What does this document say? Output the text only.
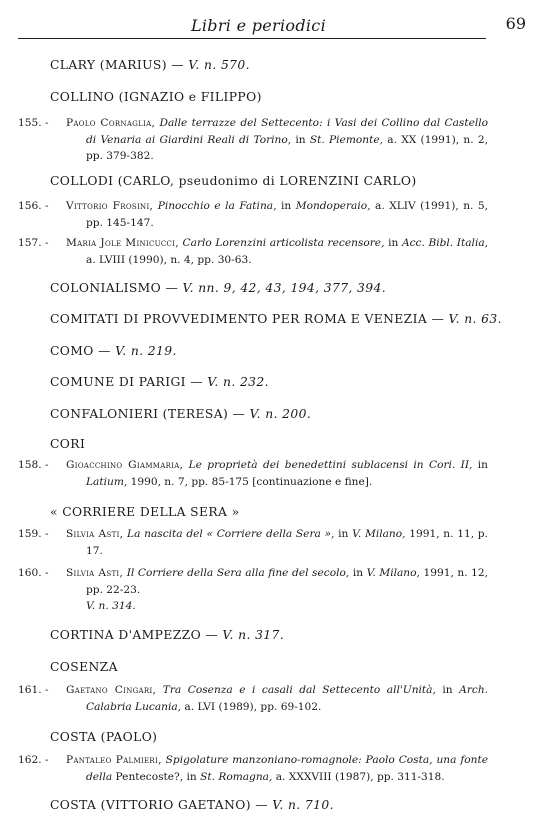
Libri e periodici	69
CLARY (MARIUS) — V. n. 570.
COLLINO (IGNAZIO e FILIPPO)
155. -	Paolo Cornaglia, Dalle terrazze del Settecento: i Vasi dei Collino dal Castello di Venaria ai Giardini Reali di Torino, in St. Piemonte, a. XX (1991), n. 2, pp. 379-382.
COLLODI (CARLO, pseudonimo di LORENZINI CARLO)
156. -	Vittorio Frosini, Pinocchio e la Fatina, in Mondoperaio, a. XLIV (1991), n. 5, pp. 145-147.
157. -	Maria Jole Minicucci, Carlo Lorenzini articolista recensore, in Acc. Bibl. Italia, a. LVIII (1990), n. 4, pp. 30-63.
COLONIALISMO — V. nn. 9, 42, 43, 194, 377, 394.
COMITATI DI PROVVEDIMENTO PER ROMA E VENEZIA — V. n. 63.
COMO — V. n. 219.
COMUNE DI PARIGI — V. n. 232.
CONFALONIERI (TERESA) — V. n. 200.
CORI
158. -	Gioacchino Giammaria, Le proprietà dei benedettini sublacensi in Cori. II, in Latium, 1990, n. 7, pp. 85-175 [continuazione e fine].
« CORRIERE DELLA SERA »
159. -	Silvia Asti, La nascita del « Corriere della Sera », in V. Milano, 1991, n. 11, p. 17.
160. -	Silvia Asti, Il Corriere della Sera alla fine del secolo, in V. Milano, 1991, n. 12, pp. 22-23.
V. n. 314.
CORTINA D'AMPEZZO — V. n. 317.
COSENZA
161. -	Gaetano Cingari, Tra Cosenza e i casali dal Settecento all'Unità, in Arch. Calabria Lucania, a. LVI (1989), pp. 69-102.
COSTA (PAOLO)
162. -	Pantaleo Palmieri, Spigolature manzoniano-romagnole: Paolo Costa, una fonte della Pentecoste?, in St. Romagna, a. XXXVIII (1987), pp. 311-318.
COSTA (VITTORIO GAETANO) — V. n. 710.
